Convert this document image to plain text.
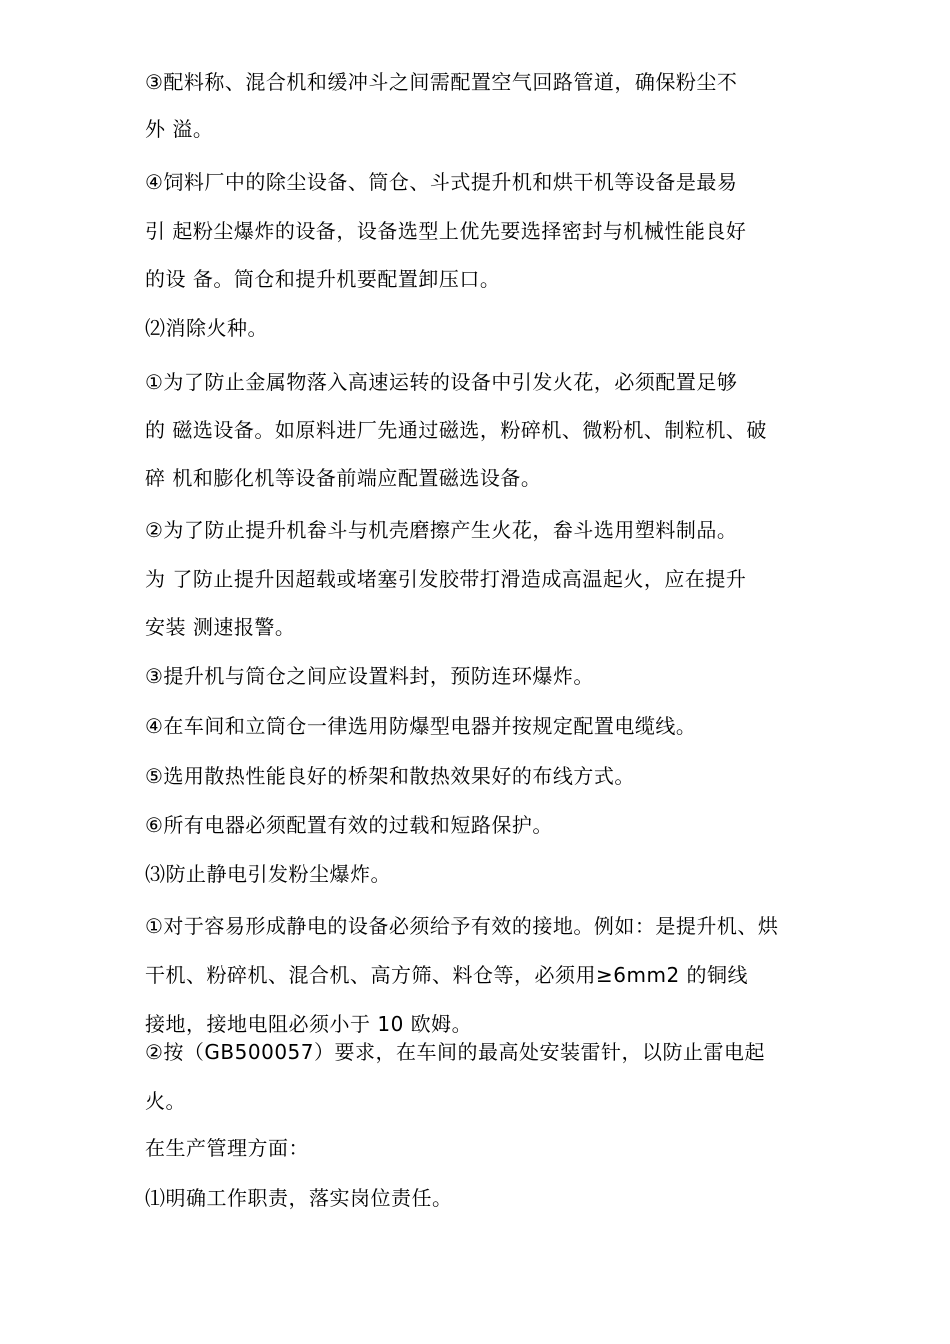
③配料称、混合机和缓冲斗之间需配置空气回路管道，确保粉尘不
外 溢。
④饲料厂中的除尘设备、筒仓、斗式提升机和烘干机等设备是最易
引 起粉尘爆炸的设备，设备选型上优先要选择密封与机械性能良好
的设 备。筒仓和提升机要配置卸压口。
⑵消除火种。
①为了防止金属物落入高速运转的设备中引发火花，必须配置足够
的 磁选设备。如原料进厂先通过磁选，粉碎机、微粉机、制粒机、破
碎 机和膨化机等设备前端应配置磁选设备。
②为了防止提升机畚斗与机壳磨擦产生火花，畚斗选用塑料制品。
为 了防止提升因超载或堵塞引发胶带打滑造成高温起火，应在提升
安装 测速报警。
③提升机与筒仓之间应设置料封，预防连环爆炸。
④在车间和立筒仓一律选用防爆型电器并按规定配置电缆线。
⑤选用散热性能良好的桥架和散热效果好的布线方式。
⑥所有电器必须配置有效的过载和短路保护。
⑶防止静电引发粉尘爆炸。
①对于容易形成静电的设备必须给予有效的接地。例如：是提升机、烘
干机、粉碎机、混合机、高方筛、料仓等，必须用≥6mm2 的铜线
接地，接地电阻必须小于 10 欧姆。
②按（GB500057）要求，在车间的最高处安装雷针，以防止雷电起
火。
在生产管理方面：
⑴明确工作职责，落实岗位责任。
